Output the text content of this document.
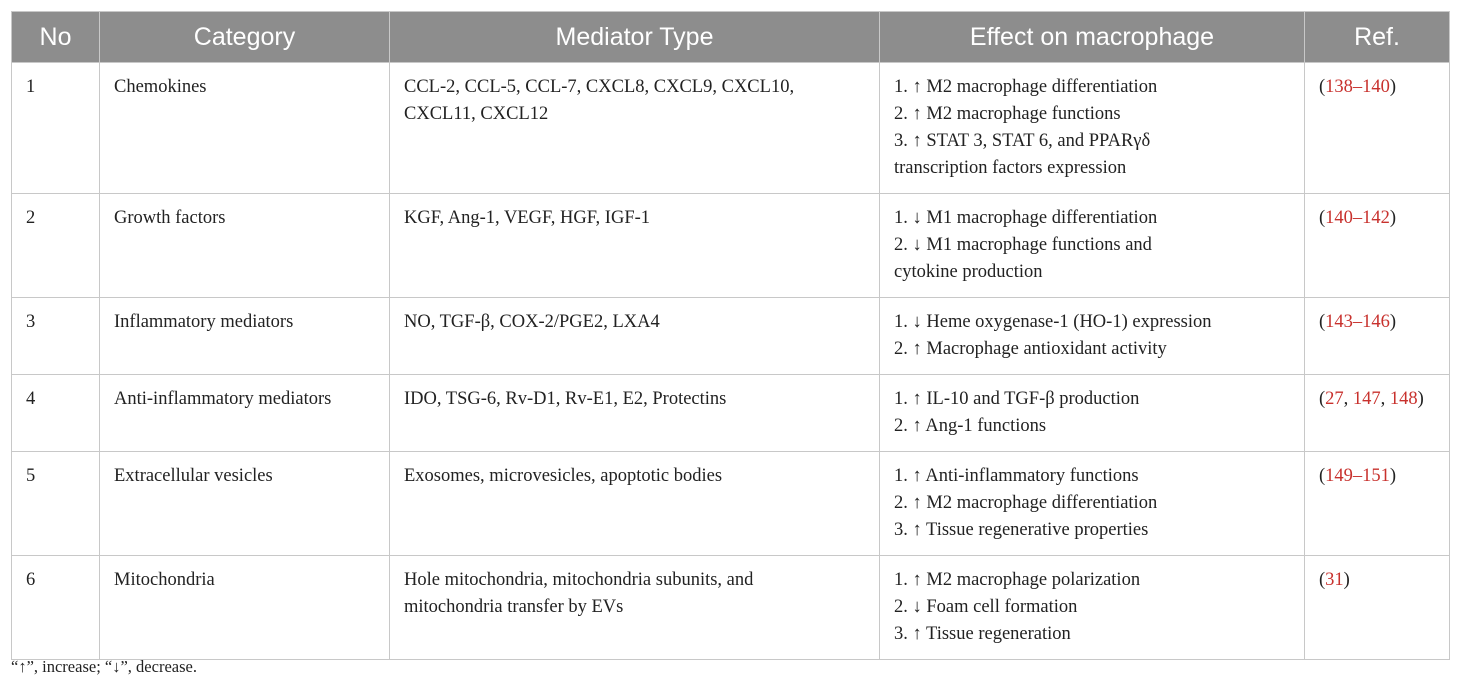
No	Category	Mediator Type	Effect on macrophage	Ref.
1	Chemokines	CCL-2, CCL-5, CCL-7, CXCL8, CXCL9, CXCL10,
CXCL11, CXCL12	1. ↑ M2 macrophage differentiation
2. ↑ M2 macrophage functions
3. ↑ STAT 3, STAT 6, and PPARγδ
transcription factors expression	(138–140)
2	Growth factors	KGF, Ang-1, VEGF, HGF, IGF-1	1. ↓ M1 macrophage differentiation
2. ↓ M1 macrophage functions and
cytokine production	(140–142)
3	Inflammatory mediators	NO, TGF-β, COX-2/PGE2, LXA4	1. ↓ Heme oxygenase-1 (HO-1) expression
2. ↑ Macrophage antioxidant activity	(143–146)
4	Anti-inflammatory mediators	IDO, TSG-6, Rv-D1, Rv-E1, E2, Protectins	1. ↑ IL-10 and TGF-β production
2. ↑ Ang-1 functions	(27, 147, 148)
5	Extracellular vesicles	Exosomes, microvesicles, apoptotic bodies	1. ↑ Anti-inflammatory functions
2. ↑ M2 macrophage differentiation
3. ↑ Tissue regenerative properties	(149–151)
6	Mitochondria	Hole mitochondria, mitochondria subunits, and
mitochondria transfer by EVs	1. ↑ M2 macrophage polarization
2. ↓ Foam cell formation
3. ↑ Tissue regeneration	(31)
“↑”, increase; “↓”, decrease.
